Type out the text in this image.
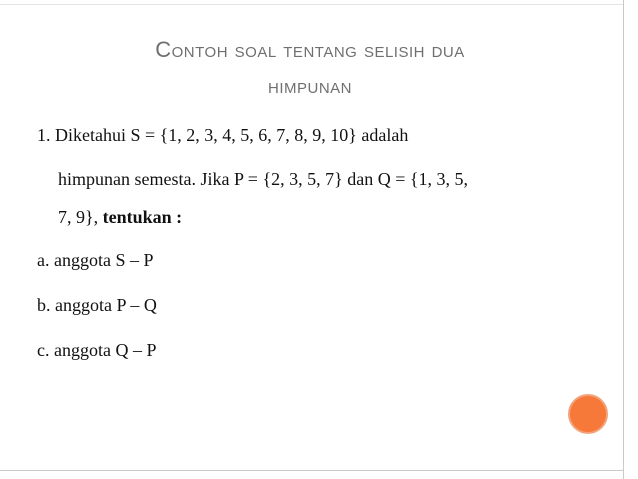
Contoh soal tentang selisih dua
himpunan
1. Diketahui S = {1, 2, 3, 4, 5, 6, 7, 8, 9, 10} adalah
himpunan semesta. Jika P = {2, 3, 5, 7} dan Q = {1, 3, 5,
7, 9}, tentukan :
a. anggota S – P
b. anggota P – Q
c. anggota Q – P
